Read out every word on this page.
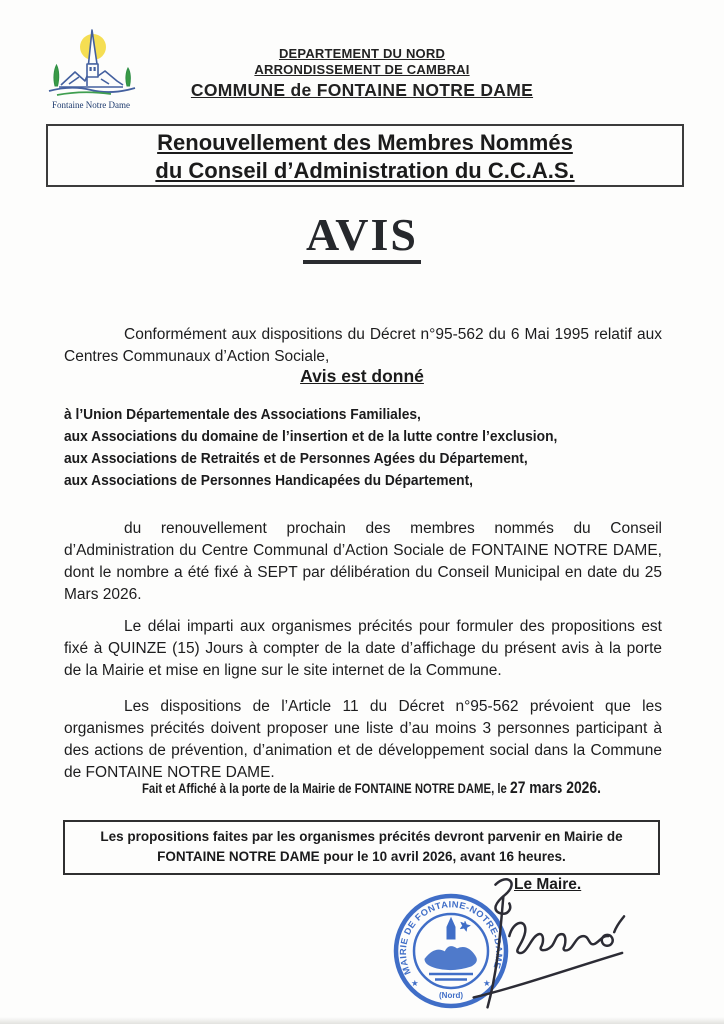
Fontaine Notre Dame
DEPARTEMENT DU NORD
ARRONDISSEMENT DE CAMBRAI
COMMUNE de FONTAINE NOTRE DAME
Renouvellement des Membres Nommés
du Conseil d’Administration du C.C.A.S.
AVIS

Conformément aux dispositions du Décret n°95-562 du 6 Mai 1995 relatif aux Centres Communaux d’Action Sociale,

Avis est donné
à l’Union Départementale des Associations Familiales,
aux Associations du domaine de l’insertion et de la lutte contre l’exclusion,
aux Associations de Retraités et de Personnes Agées du Département,
aux Associations de Personnes Handicapées du Département,

du renouvellement prochain des membres nommés du Conseil d’Administration du Centre Communal d’Action Sociale de FONTAINE NOTRE DAME, dont le nombre a été fixé à SEPT par délibération du Conseil Municipal en date du 25 Mars 2026.

Le délai imparti aux organismes précités pour formuler des propositions est fixé à QUINZE (15) Jours à compter de la date d’affichage du présent avis à la porte de la Mairie et mise en ligne sur le site internet de la Commune.

Les dispositions de l’Article 11 du Décret n°95-562 prévoient que les organismes précités doivent proposer une liste d’au moins 3 personnes participant à des actions de prévention, d’animation et de développement social dans la Commune de FONTAINE NOTRE DAME.

Fait et Affiché à la porte de la Mairie de FONTAINE NOTRE DAME, le 27 mars 2026.
Les propositions faites par les organismes précités devront parvenir en Mairie de FONTAINE NOTRE DAME pour le 10 avril 2026, avant 16 heures.
Le Maire.
MAIRIE DE FONTAINE-NOTRE-DAME
★	★
(Nord)
